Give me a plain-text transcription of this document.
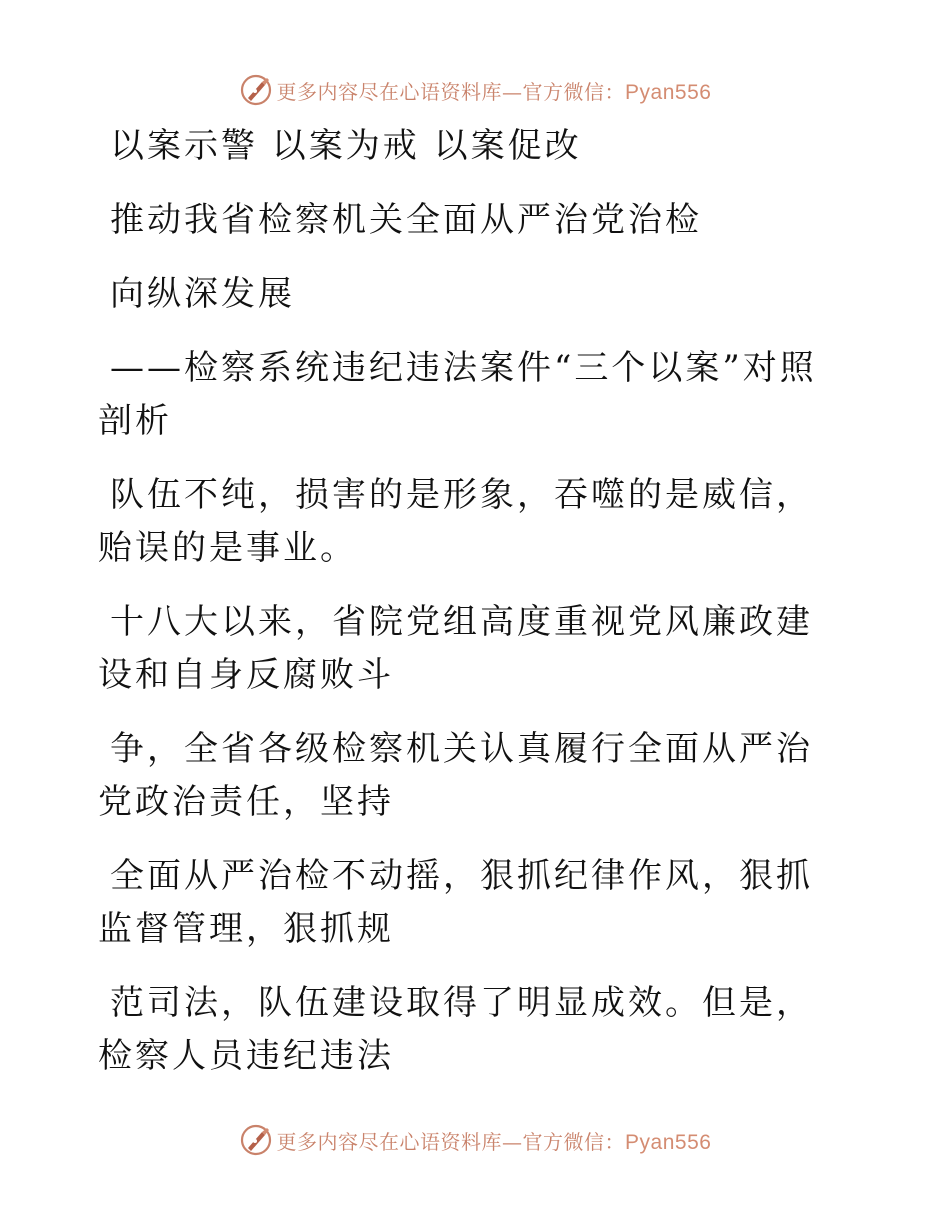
更多内容尽在心语资料库—官方微信：Pyan556

以案示警 以案为戒 以案促改

推动我省检察机关全面从严治党治检

向纵深发展

——检察系统违纪违法案件“三个以案”对照剖析

队伍不纯，损害的是形象，吞噬的是威信，贻误的是事业。

十八大以来，省院党组高度重视党风廉政建设和自身反腐败斗

争，全省各级检察机关认真履行全面从严治党政治责任，坚持

全面从严治检不动摇，狠抓纪律作风，狠抓监督管理，狠抓规

范司法，队伍建设取得了明显成效。但是，检察人员违纪违法

更多内容尽在心语资料库—官方微信：Pyan556
